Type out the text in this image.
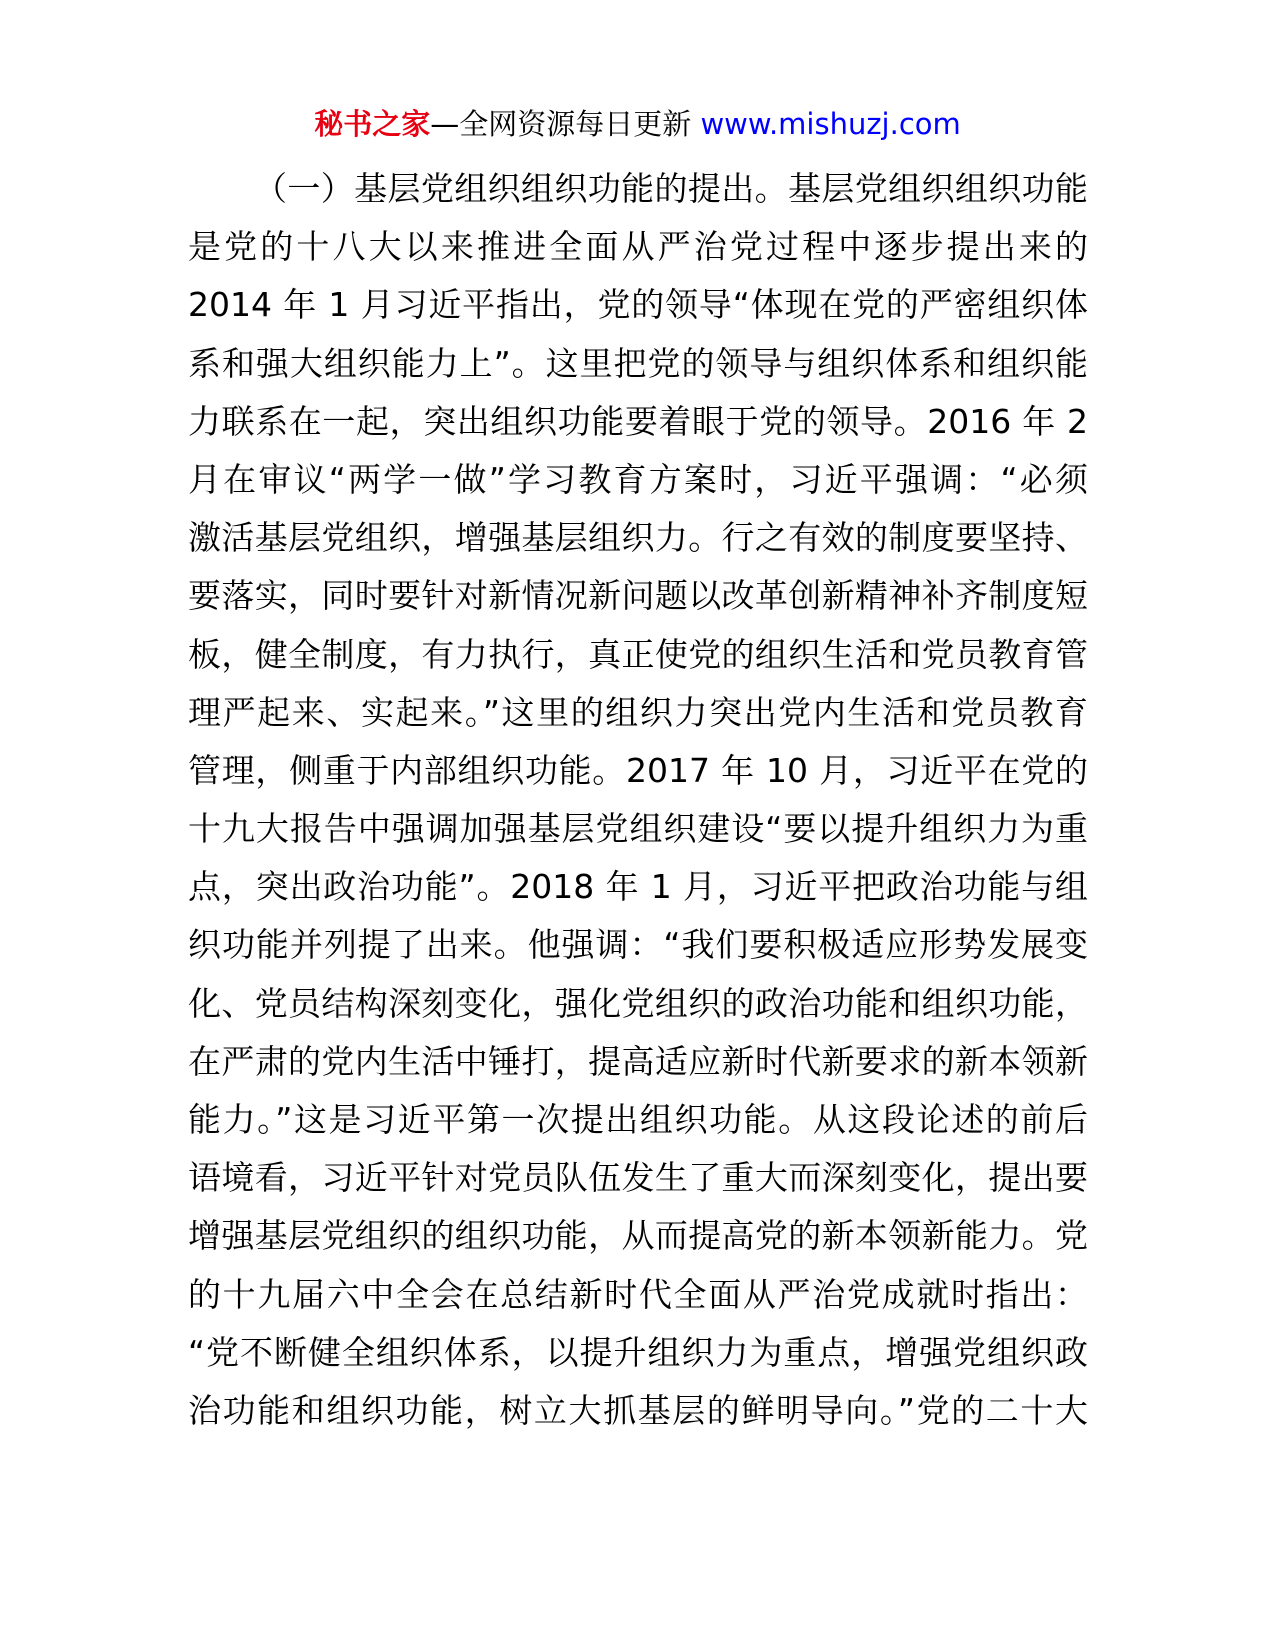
秘书之家—全网资源每日更新 www.mishuzj.com
（一）基层党组织组织功能的提出。基层党组织组织功能
是党的十八大以来推进全面从严治党过程中逐步提出来的
2014 年 1 月习近平指出，党的领导“体现在党的严密组织体
系和强大组织能力上”。这里把党的领导与组织体系和组织能
力联系在一起，突出组织功能要着眼于党的领导。2016 年 2
月在审议“两学一做”学习教育方案时，习近平强调：“必须
激活基层党组织，增强基层组织力。行之有效的制度要坚持、
要落实，同时要针对新情况新问题以改革创新精神补齐制度短
板，健全制度，有力执行，真正使党的组织生活和党员教育管
理严起来、实起来。”这里的组织力突出党内生活和党员教育
管理，侧重于内部组织功能。2017 年 10 月，习近平在党的
十九大报告中强调加强基层党组织建设“要以提升组织力为重
点，突出政治功能”。2018 年 1 月，习近平把政治功能与组
织功能并列提了出来。他强调：“我们要积极适应形势发展变
化、党员结构深刻变化，强化党组织的政治功能和组织功能，
在严肃的党内生活中锤打，提高适应新时代新要求的新本领新
能力。”这是习近平第一次提出组织功能。从这段论述的前后
语境看，习近平针对党员队伍发生了重大而深刻变化，提出要
增强基层党组织的组织功能，从而提高党的新本领新能力。党
的十九届六中全会在总结新时代全面从严治党成就时指出：
“党不断健全组织体系，以提升组织力为重点，增强党组织政
治功能和组织功能，树立大抓基层的鲜明导向。”党的二十大
